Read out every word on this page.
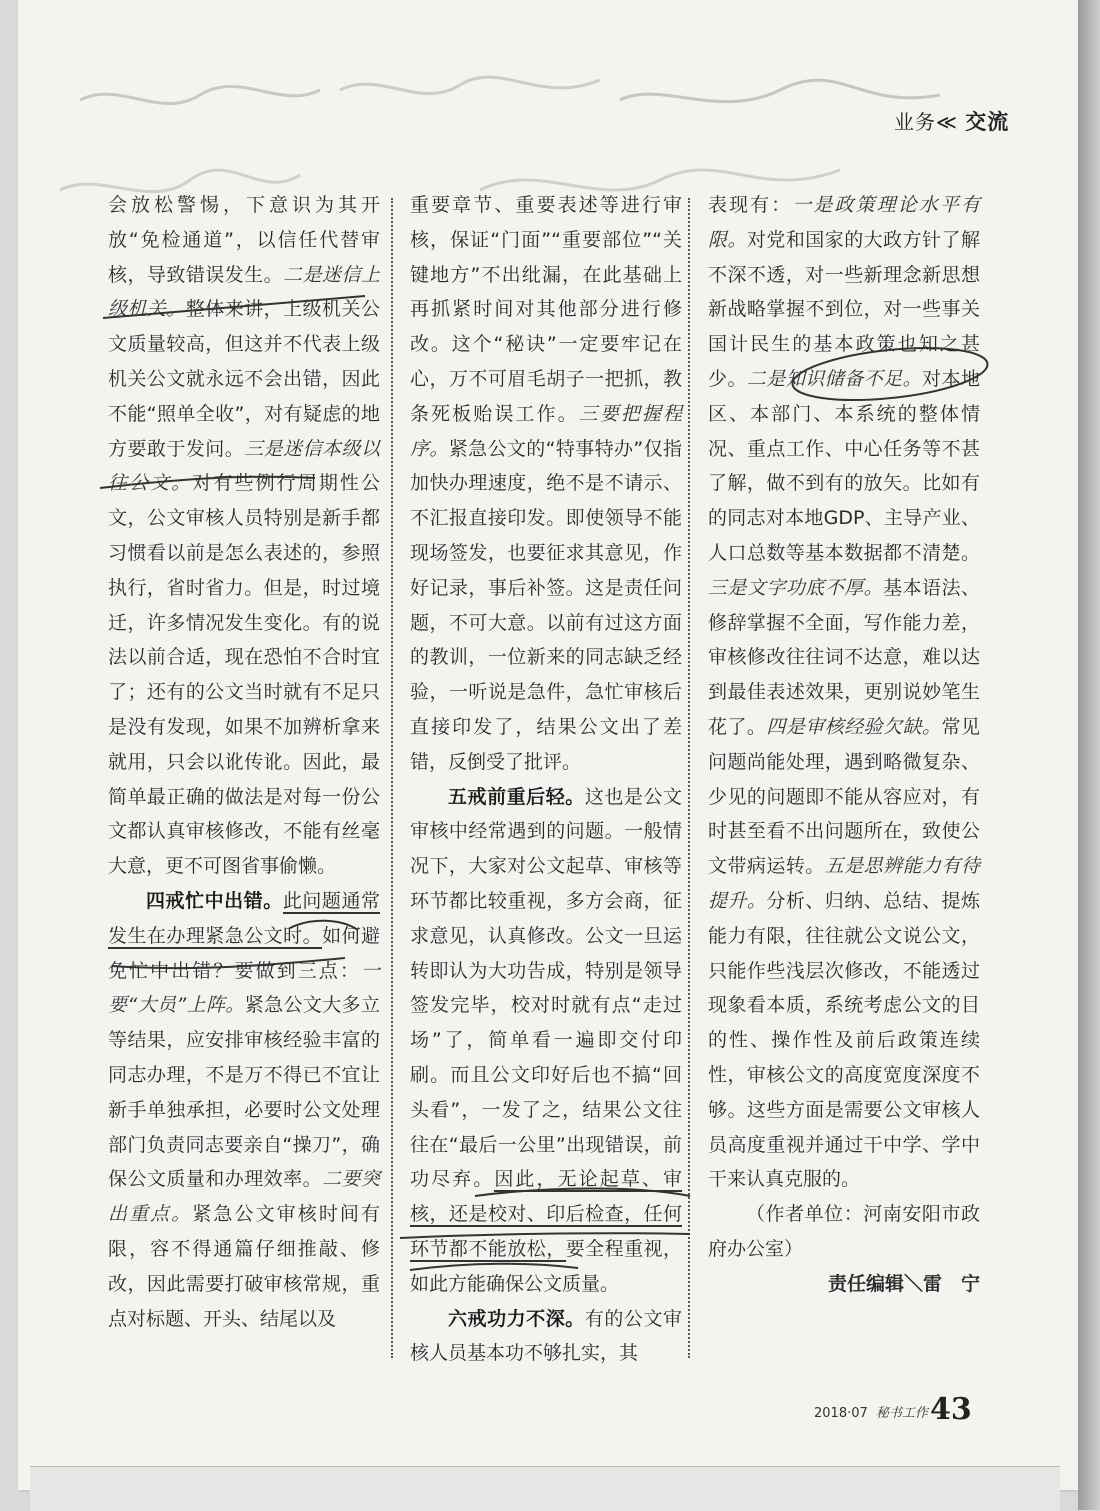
业务≪ 交流

会放松警惕，下意识为其开放“免检通道”，以信任代替审核，导致错误发生。二是迷信上级机关。整体来讲，上级机关公文质量较高，但这并不代表上级机关公文就永远不会出错，因此不能“照单全收”，对有疑虑的地方要敢于发问。三是迷信本级以往公文。对有些例行周期性公文，公文审核人员特别是新手都习惯看以前是怎么表述的，参照执行，省时省力。但是，时过境迁，许多情况发生变化。有的说法以前合适，现在恐怕不合时宜了；还有的公文当时就有不足只是没有发现，如果不加辨析拿来就用，只会以讹传讹。因此，最简单最正确的做法是对每一份公文都认真审核修改，不能有丝毫大意，更不可图省事偷懒。

四戒忙中出错。此问题通常发生在办理紧急公文时。如何避免忙中出错？要做到三点：一要“大员”上阵。紧急公文大多立等结果，应安排审核经验丰富的同志办理，不是万不得已不宜让新手单独承担，必要时公文处理部门负责同志要亲自“操刀”，确保公文质量和办理效率。二要突出重点。紧急公文审核时间有限，容不得通篇仔细推敲、修改，因此需要打破审核常规，重点对标题、开头、结尾以及

重要章节、重要表述等进行审核，保证“门面”“重要部位”“关键地方”不出纰漏，在此基础上再抓紧时间对其他部分进行修改。这个“秘诀”一定要牢记在心，万不可眉毛胡子一把抓，教条死板贻误工作。三要把握程序。紧急公文的“特事特办”仅指加快办理速度，绝不是不请示、不汇报直接印发。即使领导不能现场签发，也要征求其意见，作好记录，事后补签。这是责任问题，不可大意。以前有过这方面的教训，一位新来的同志缺乏经验，一听说是急件，急忙审核后直接印发了，结果公文出了差错，反倒受了批评。

五戒前重后轻。这也是公文审核中经常遇到的问题。一般情况下，大家对公文起草、审核等环节都比较重视，多方会商，征求意见，认真修改。公文一旦运转即认为大功告成，特别是领导签发完毕，校对时就有点“走过场”了，简单看一遍即交付印刷。而且公文印好后也不搞“回头看”，一发了之，结果公文往往在“最后一公里”出现错误，前功尽弃。因此，无论起草、审核，还是校对、印后检查，任何环节都不能放松，要全程重视，如此方能确保公文质量。

六戒功力不深。有的公文审核人员基本功不够扎实，其

表现有：一是政策理论水平有限。对党和国家的大政方针了解不深不透，对一些新理念新思想新战略掌握不到位，对一些事关国计民生的基本政策也知之甚少。二是知识储备不足。对本地区、本部门、本系统的整体情况、重点工作、中心任务等不甚了解，做不到有的放矢。比如有的同志对本地GDP、主导产业、人口总数等基本数据都不清楚。三是文字功底不厚。基本语法、修辞掌握不全面，写作能力差，审核修改往往词不达意，难以达到最佳表述效果，更别说妙笔生花了。四是审核经验欠缺。常见问题尚能处理，遇到略微复杂、少见的问题即不能从容应对，有时甚至看不出问题所在，致使公文带病运转。五是思辨能力有待提升。分析、归纳、总结、提炼能力有限，往往就公文说公文，只能作些浅层次修改，不能透过现象看本质，系统考虑公文的目的性、操作性及前后政策连续性，审核公文的高度宽度深度不够。这些方面是需要公文审核人员高度重视并通过干中学、学中干来认真克服的。

（作者单位：河南安阳市政府办公室）

责任编辑＼雷　宁

2018·07 秘书工作 43
